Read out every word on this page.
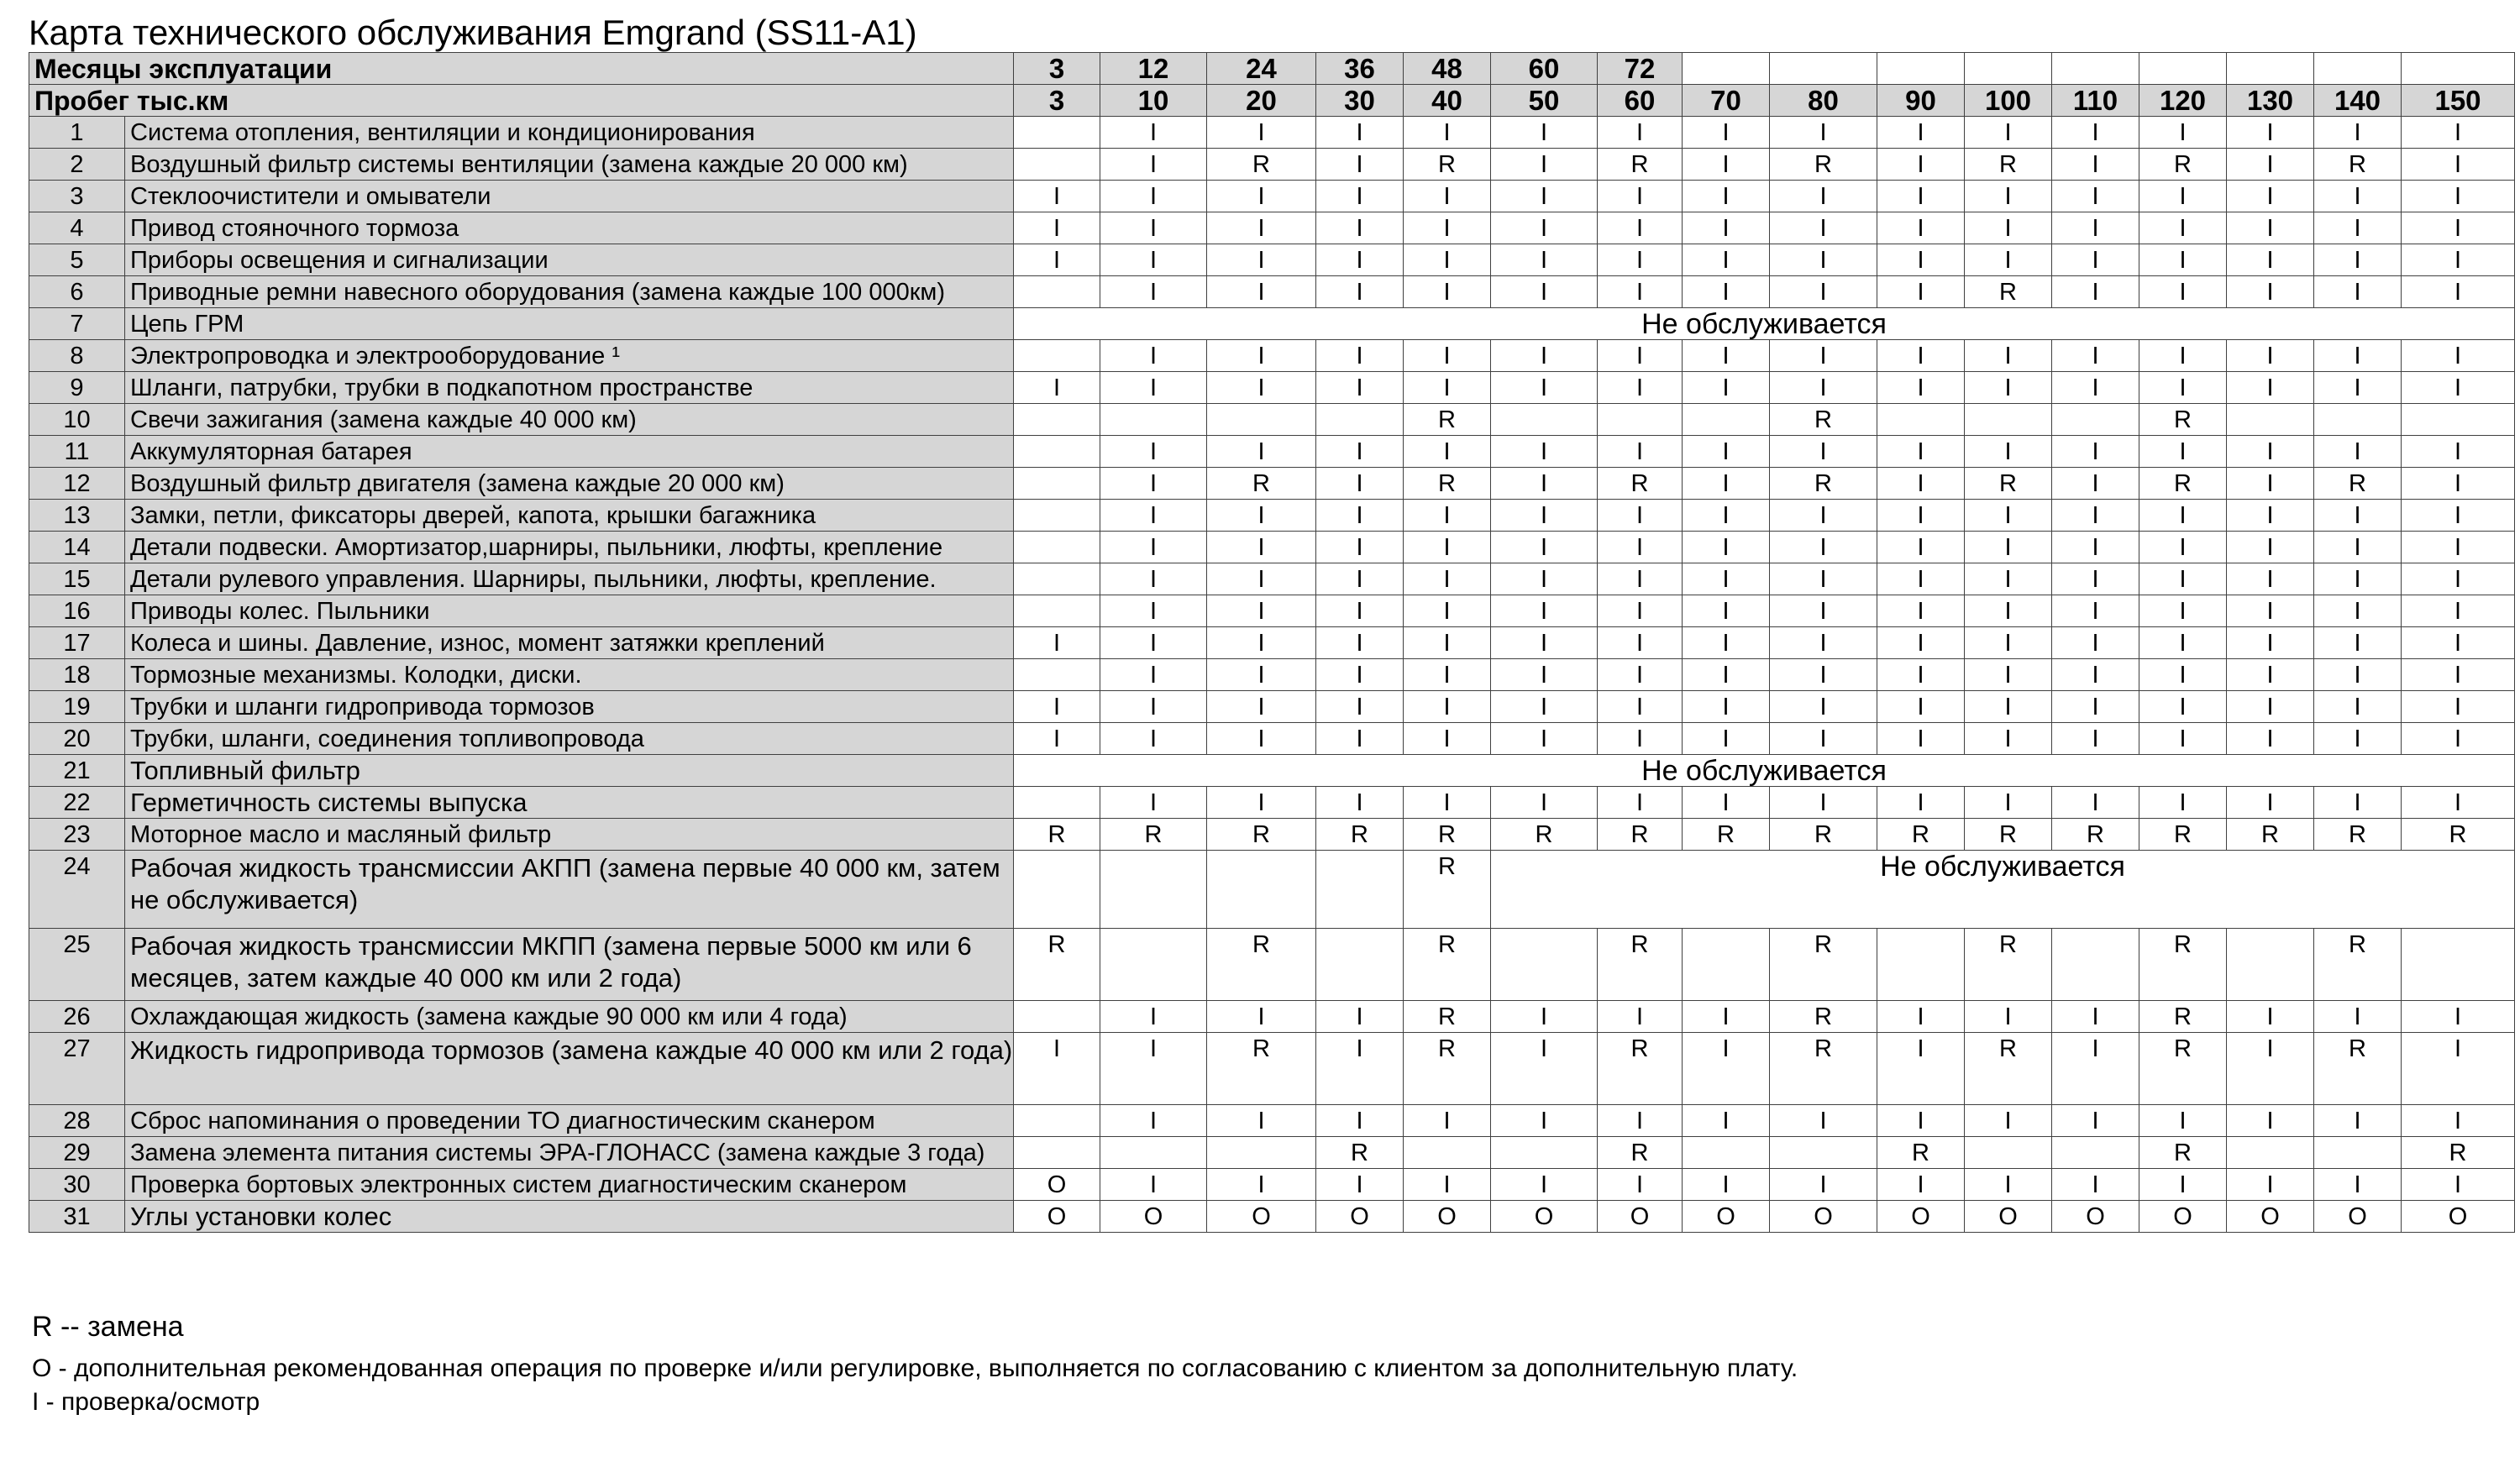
Карта технического обслуживания Emgrand (SS11-A1)
Месяцы эксплуатации		3	12	24	36	48	60	72									
Пробег тыс.км		3	10	20	30	40	50	60	70	80	90	100	110	120	130	140	150
1	Система отопления, вентиляции и кондиционирования		I	I	I	I	I	I	I	I	I	I	I	I	I	I	I
2	Воздушный фильтр системы вентиляции (замена каждые 20 000 км)		I	R	I	R	I	R	I	R	I	R	I	R	I	R	I
3	Стеклоочистители и омыватели	I	I	I	I	I	I	I	I	I	I	I	I	I	I	I	I
4	Привод стояночного тормоза	I	I	I	I	I	I	I	I	I	I	I	I	I	I	I	I
5	Приборы освещения и сигнализации	I	I	I	I	I	I	I	I	I	I	I	I	I	I	I	I
6	Приводные ремни навесного оборудования (замена каждые 100 000км)		I	I	I	I	I	I	I	I	I	R	I	I	I	I	I
7	Цепь ГРМ	Не обслуживается															
8	Электропроводка и электрооборудование ¹		I	I	I	I	I	I	I	I	I	I	I	I	I	I	I
9	Шланги, патрубки, трубки в подкапотном пространстве	I	I	I	I	I	I	I	I	I	I	I	I	I	I	I	I
10	Свечи зажигания (замена каждые 40 000 км)					R				R				R			
11	Аккумуляторная батарея		I	I	I	I	I	I	I	I	I	I	I	I	I	I	I
12	Воздушный фильтр двигателя (замена каждые 20 000 км)		I	R	I	R	I	R	I	R	I	R	I	R	I	R	I
13	Замки, петли, фиксаторы дверей, капота, крышки багажника		I	I	I	I	I	I	I	I	I	I	I	I	I	I	I
14	Детали подвески. Амортизатор,шарниры, пыльники, люфты, крепление		I	I	I	I	I	I	I	I	I	I	I	I	I	I	I
15	Детали рулевого управления. Шарниры, пыльники, люфты, крепление.		I	I	I	I	I	I	I	I	I	I	I	I	I	I	I
16	Приводы колес. Пыльники		I	I	I	I	I	I	I	I	I	I	I	I	I	I	I
17	Колеса и шины. Давление, износ, момент затяжки креплений	I	I	I	I	I	I	I	I	I	I	I	I	I	I	I	I
18	Тормозные механизмы. Колодки, диски.		I	I	I	I	I	I	I	I	I	I	I	I	I	I	I
19	Трубки и шланги гидропривода тормозов	I	I	I	I	I	I	I	I	I	I	I	I	I	I	I	I
20	Трубки, шланги, соединения топливопровода	I	I	I	I	I	I	I	I	I	I	I	I	I	I	I	I
21	Топливный фильтр	Не обслуживается															
22	Герметичность системы выпуска		I	I	I	I	I	I	I	I	I	I	I	I	I	I	I
23	Моторное масло и масляный фильтр	R	R	R	R	R	R	R	R	R	R	R	R	R	R	R	R
24	Рабочая жидкость трансмиссии АКПП (замена первые 40 000 км, затем не обслуживается)					R	Не обслуживается										
25	Рабочая жидкость трансмиссии МКПП (замена первые 5000 км или 6 месяцев, затем каждые 40 000 км или 2 года)	R		R		R		R		R		R		R		R	
26	Охлаждающая жидкость (замена каждые 90 000 км или 4 года)		I	I	I	R	I	I	I	R	I	I	I	R	I	I	I
27	Жидкость гидропривода тормозов (замена каждые 40 000 км или 2 года)	I	I	R	I	R	I	R	I	R	I	R	I	R	I	R	I
28	Сброс напоминания о проведении ТО диагностическим сканером		I	I	I	I	I	I	I	I	I	I	I	I	I	I	I
29	Замена элемента питания системы ЭРА-ГЛОНАСС (замена каждые 3 года)				R			R			R			R			R
30	Проверка бортовых электронных систем диагностическим сканером	O	I	I	I	I	I	I	I	I	I	I	I	I	I	I	I
31	Углы установки колес	O	O	O	O	O	O	O	O	O	O	O	O	O	O	O	O
R -- замена
О - дополнительная рекомендованная операция по проверке и/или регулировке, выполняется по согласованию с клиентом за дополнительную плату.
I - проверка/осмотр
